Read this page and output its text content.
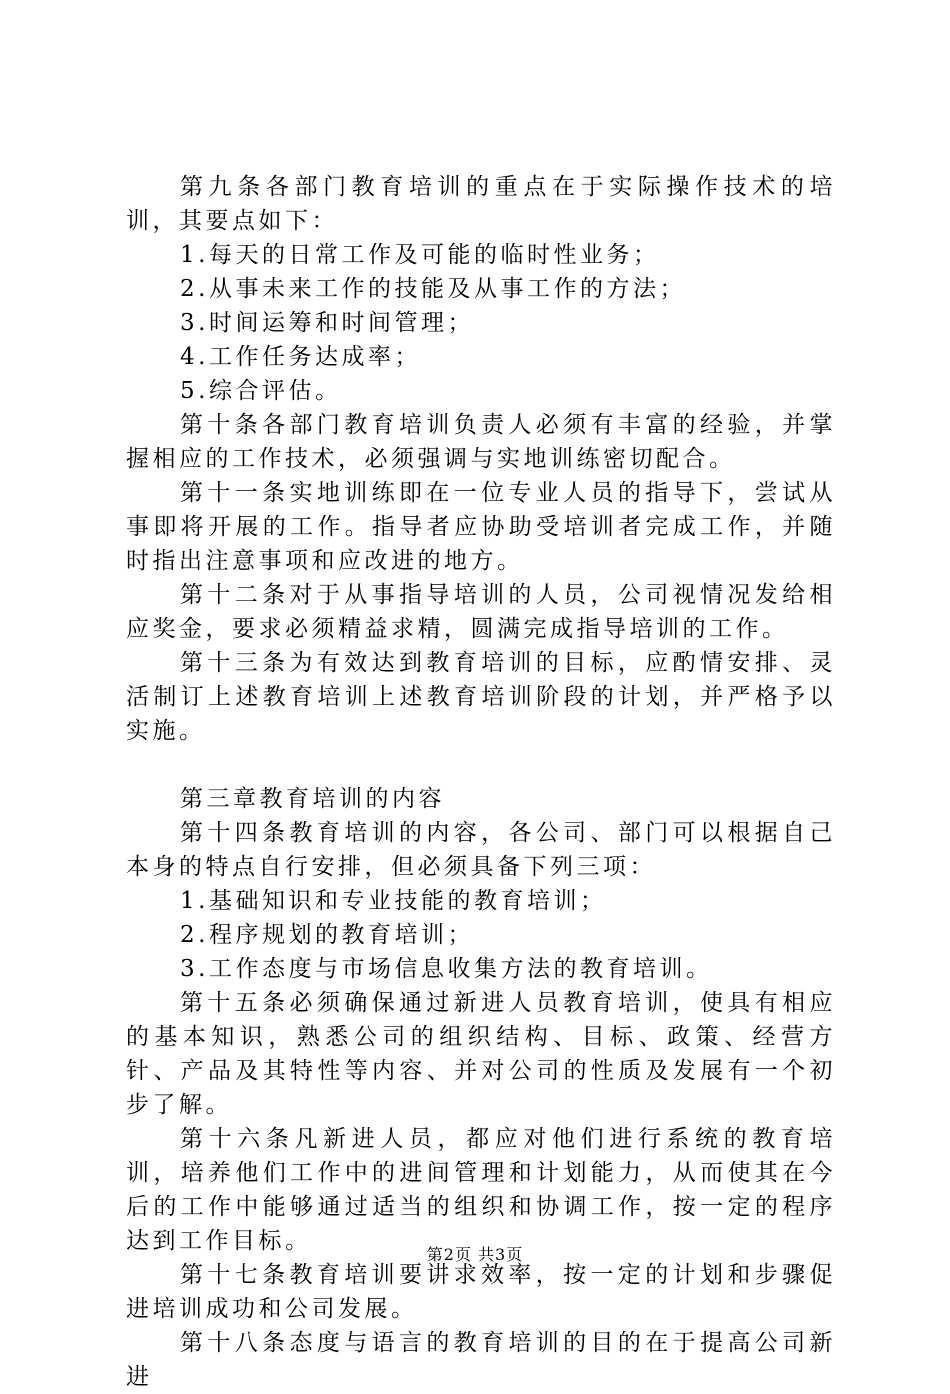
第九条各部门教育培训的重点在于实际操作技术的培训，其要点如下：

1.每天的日常工作及可能的临时性业务；

2.从事未来工作的技能及从事工作的方法；

3.时间运筹和时间管理；

4.工作任务达成率；

5.综合评估。

第十条各部门教育培训负责人必须有丰富的经验，并掌握相应的工作技术，必须强调与实地训练密切配合。

第十一条实地训练即在一位专业人员的指导下，尝试从事即将开展的工作。指导者应协助受培训者完成工作，并随时指出注意事项和应改进的地方。

第十二条对于从事指导培训的人员，公司视情况发给相应奖金，要求必须精益求精，圆满完成指导培训的工作。

第十三条为有效达到教育培训的目标，应酌情安排、灵活制订上述教育培训上述教育培训阶段的计划，并严格予以实施。

第三章教育培训的内容

第十四条教育培训的内容，各公司、部门可以根据自己本身的特点自行安排，但必须具备下列三项：

1.基础知识和专业技能的教育培训；

2.程序规划的教育培训；

3.工作态度与市场信息收集方法的教育培训。

第十五条必须确保通过新进人员教育培训，使具有相应的基本知识，熟悉公司的组织结构、目标、政策、经营方针、产品及其特性等内容、并对公司的性质及发展有一个初步了解。

第十六条凡新进人员，都应对他们进行系统的教育培训，培养他们工作中的进间管理和计划能力，从而使其在今后的工作中能够通过适当的组织和协调工作，按一定的程序达到工作目标。

第十七条教育培训要讲求效率，按一定的计划和步骤促进培训成功和公司发展。

第十八条态度与语言的教育培训的目的在于提高公司新进

第2页 共3页
